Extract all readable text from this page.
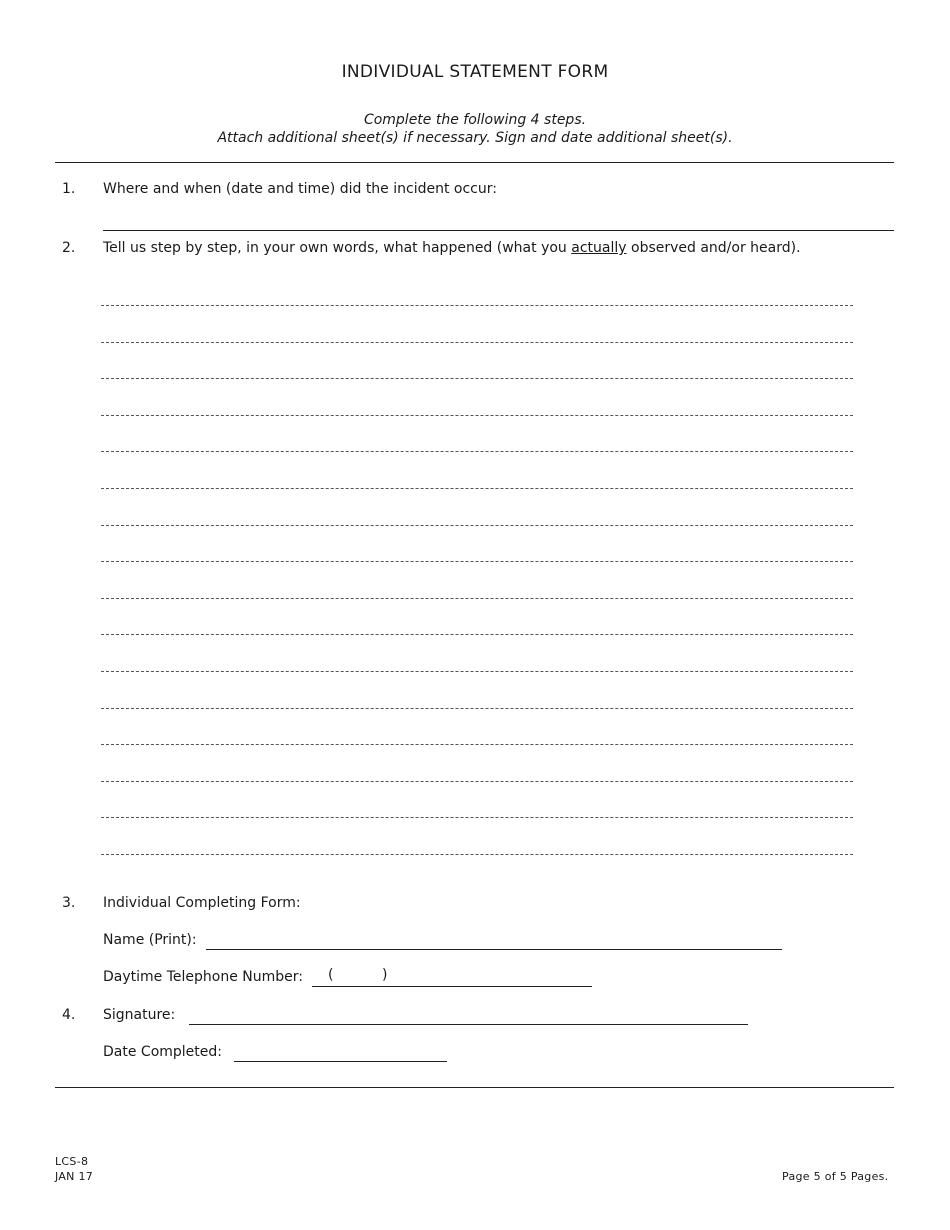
INDIVIDUAL STATEMENT FORM
Complete the following 4 steps.
Attach additional sheet(s) if necessary. Sign and date additional sheet(s).
1. Where and when (date and time) did the incident occur:
2. Tell us step by step, in your own words, what happened (what you actually observed and/or heard).
3. Individual Completing Form:
Name (Print):
Daytime Telephone Number: (	)
4. Signature:
Date Completed:
LCS-8
JAN 17	Page 5 of 5 Pages.
